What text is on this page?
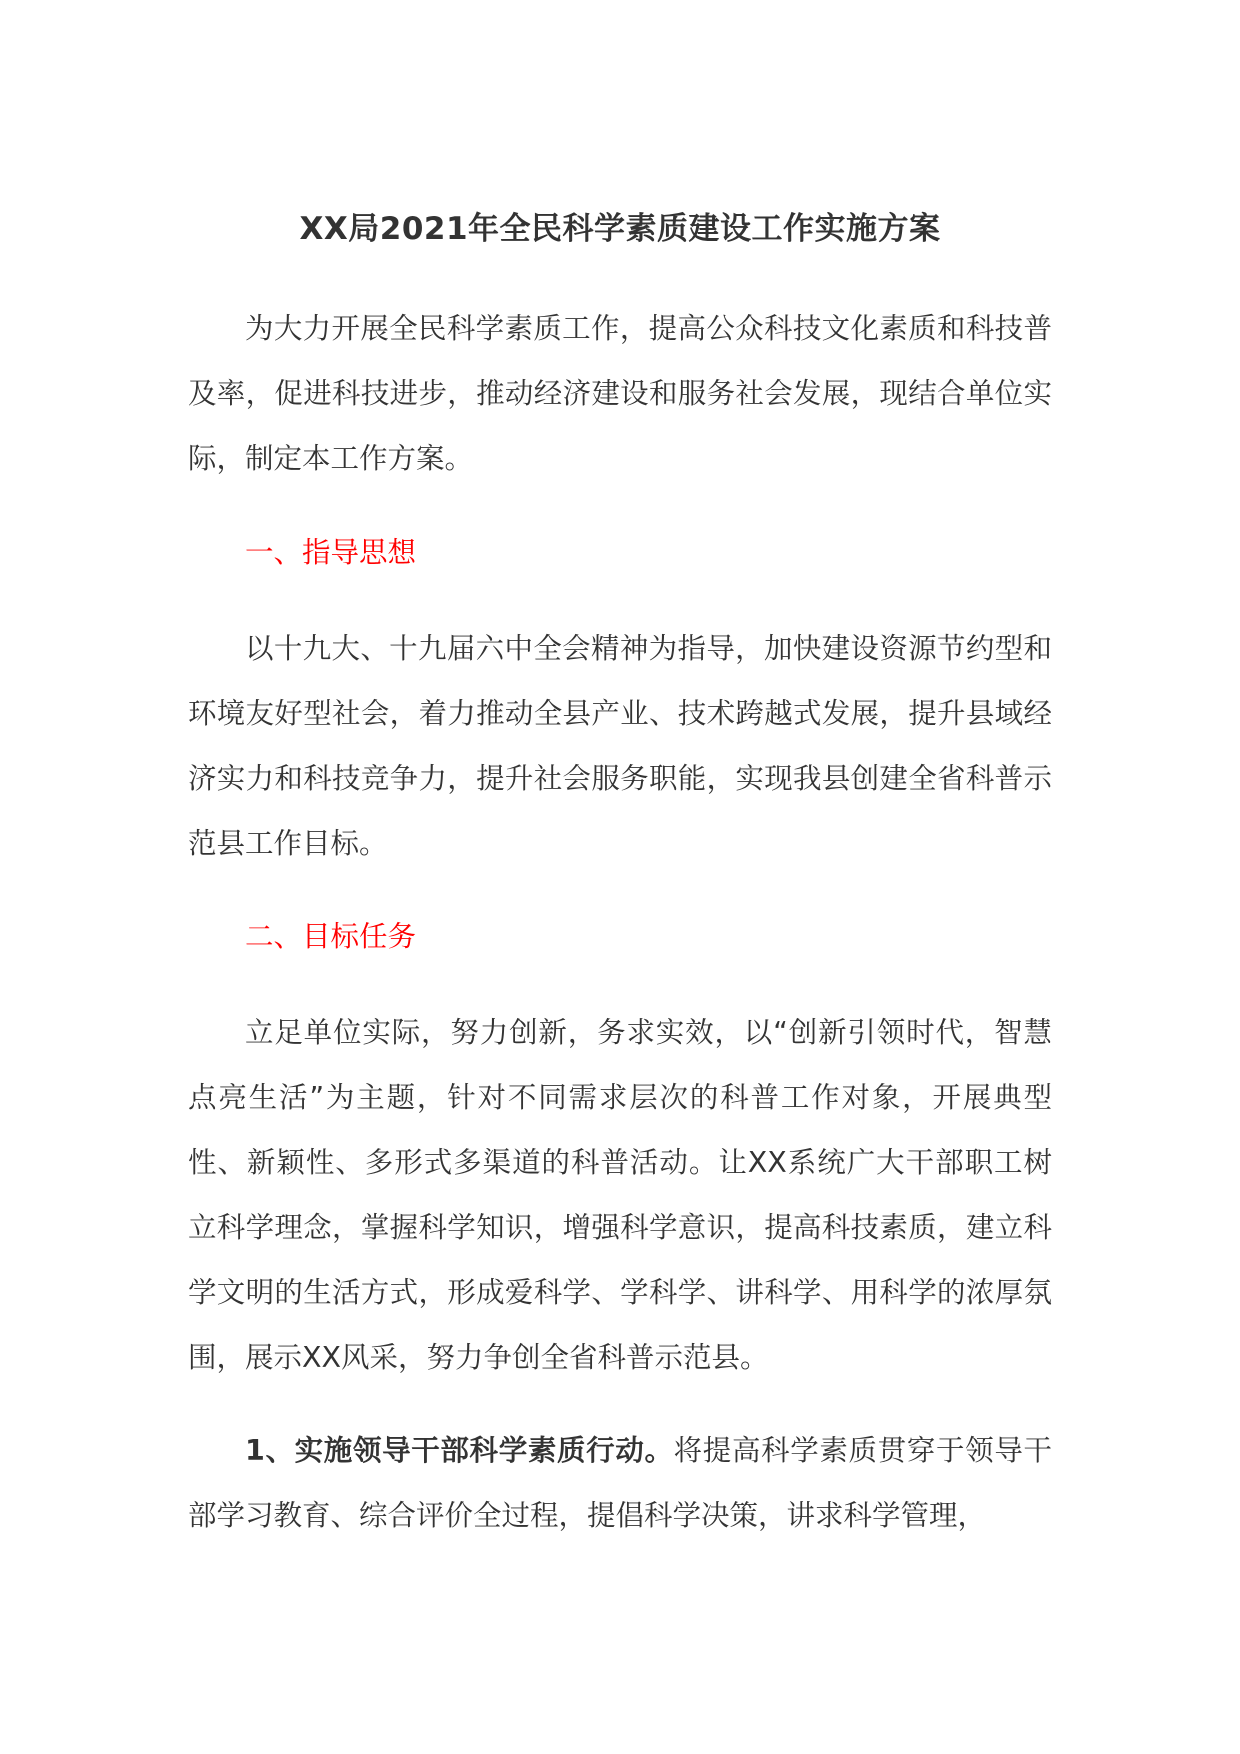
XX局2021年全民科学素质建设工作实施方案

为大力开展全民科学素质工作，提高公众科技文化素质和科技普及率，促进科技进步，推动经济建设和服务社会发展，现结合单位实际，制定本工作方案。

一、指导思想

以十九大、十九届六中全会精神为指导，加快建设资源节约型和环境友好型社会，着力推动全县产业、技术跨越式发展，提升县域经济实力和科技竞争力，提升社会服务职能，实现我县创建全省科普示范县工作目标。

二、目标任务

立足单位实际，努力创新，务求实效，以“创新引领时代，智慧点亮生活”为主题，针对不同需求层次的科普工作对象，开展典型性、新颖性、多形式多渠道的科普活动。让XX系统广大干部职工树立科学理念，掌握科学知识，增强科学意识，提高科技素质，建立科学文明的生活方式，形成爱科学、学科学、讲科学、用科学的浓厚氛围，展示XX风采，努力争创全省科普示范县。

1、实施领导干部科学素质行动。将提高科学素质贯穿于领导干部学习教育、综合评价全过程，提倡科学决策，讲求科学管理，
